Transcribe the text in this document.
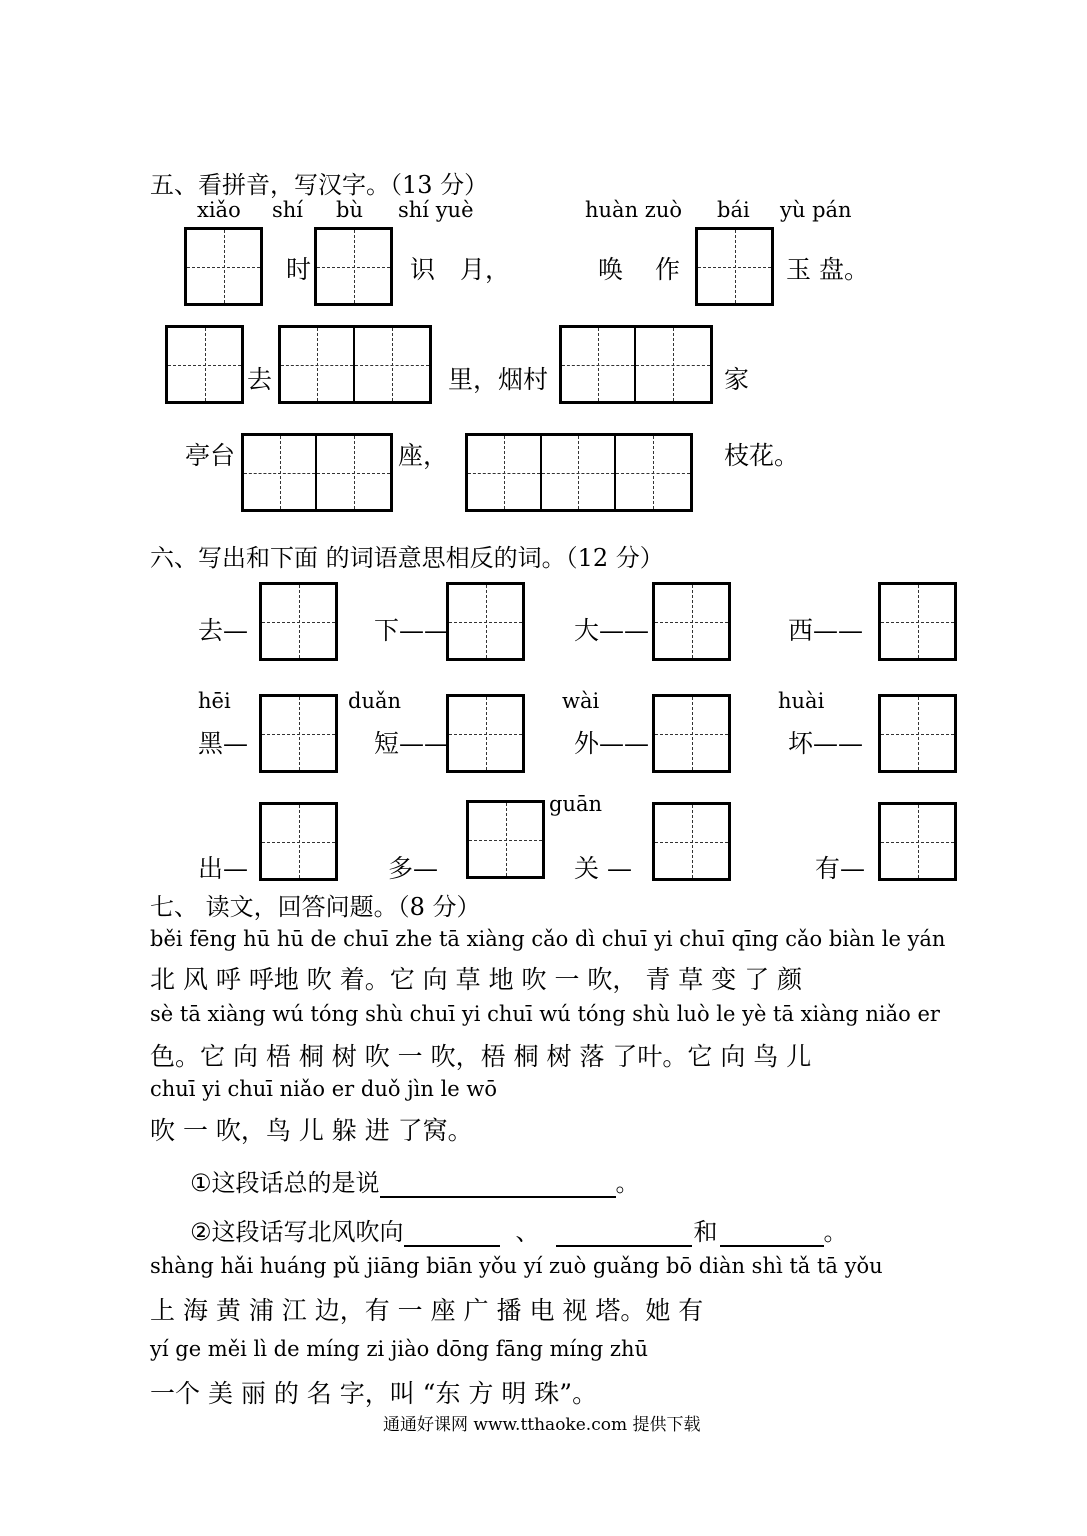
五、看拼音，写汉字。（13 分）
xiǎo shí bù shí yuè	huàn zuò bái yù pán
时	识 月，	唤 作	玉 盘。
去	里，烟村	家
亭台	座，	枝花。
六、写出和下面 的词语意思相反的词。（12 分）
去—	下——	大——	西——
hēi	duǎn	wài	huài
黑—	短——	外——	坏——
guān
出—	多—	关 —	有—
七、 读文，回答问题。（8 分）
běi fēng hū hū de chuī zhe tā xiàng cǎo dì chuī yi chuī qīng cǎo biàn le yán
北 风 呼 呼地 吹 着。它 向 草 地 吹 一 吹， 青 草 变 了 颜
sè tā xiàng wú tóng shù chuī yi chuī wú tóng shù luò le yè tā xiàng niǎo er
色。它 向 梧 桐 树 吹 一 吹，梧 桐 树 落 了叶。它 向 鸟 儿
chuī yi chuī niǎo er duǒ jìn le wō
吹 一 吹，鸟 儿 躲 进 了窝。
①这段话总的是说	。
②这段话写北风吹向	、	和	。
shàng hǎi huáng pǔ jiāng biān yǒu yí zuò guǎng bō diàn shì tǎ tā yǒu
上 海 黄 浦 江 边，有 一 座 广 播 电 视 塔。她 有
yí ge měi lì de míng zi jiào dōng fāng míng zhū
一个 美 丽 的 名 字，叫 “东 方 明 珠”。
通通好课网 www.tthaoke.com 提供下载
